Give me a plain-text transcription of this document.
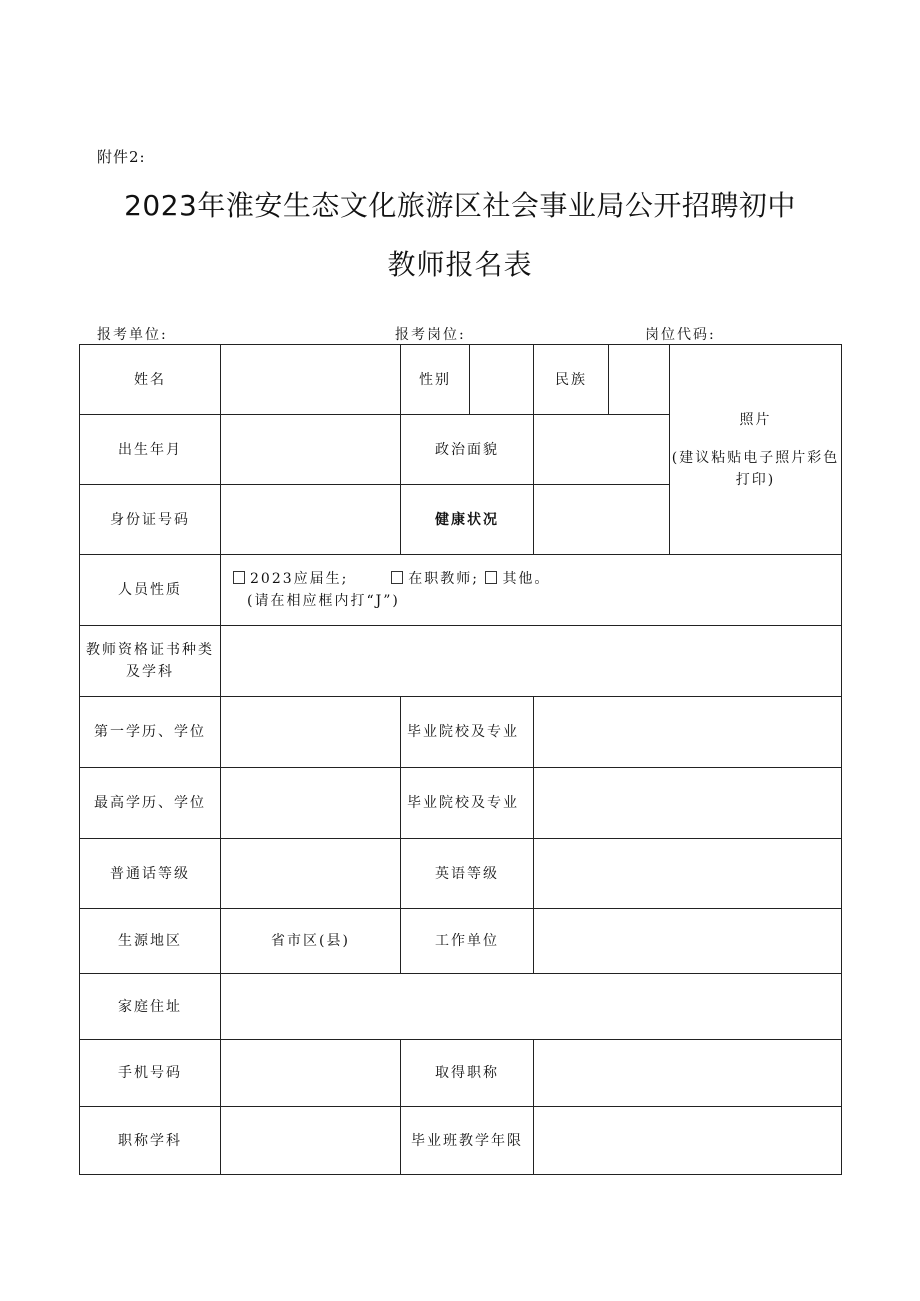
附件2:
2023年淮安生态文化旅游区社会事业局公开招聘初中
教师报名表
报考单位:	报考岗位:	岗位代码:
姓名		性别		民族		照片
(建议粘贴电子照片彩色打印)
出生年月		政治面貌				
身份证号码		健康状况				
人员性质	2023应届生; 在职教师; 其他。
(请在相应框内打“J”)					

教师资格证书种类及学科						
第一学历、学位		毕业院校及专业				
最高学历、学位		毕业院校及专业				
普通话等级		英语等级				
生源地区	省市区(县)	工作单位				
家庭住址						
手机号码		取得职称				
职称学科		毕业班教学年限				
